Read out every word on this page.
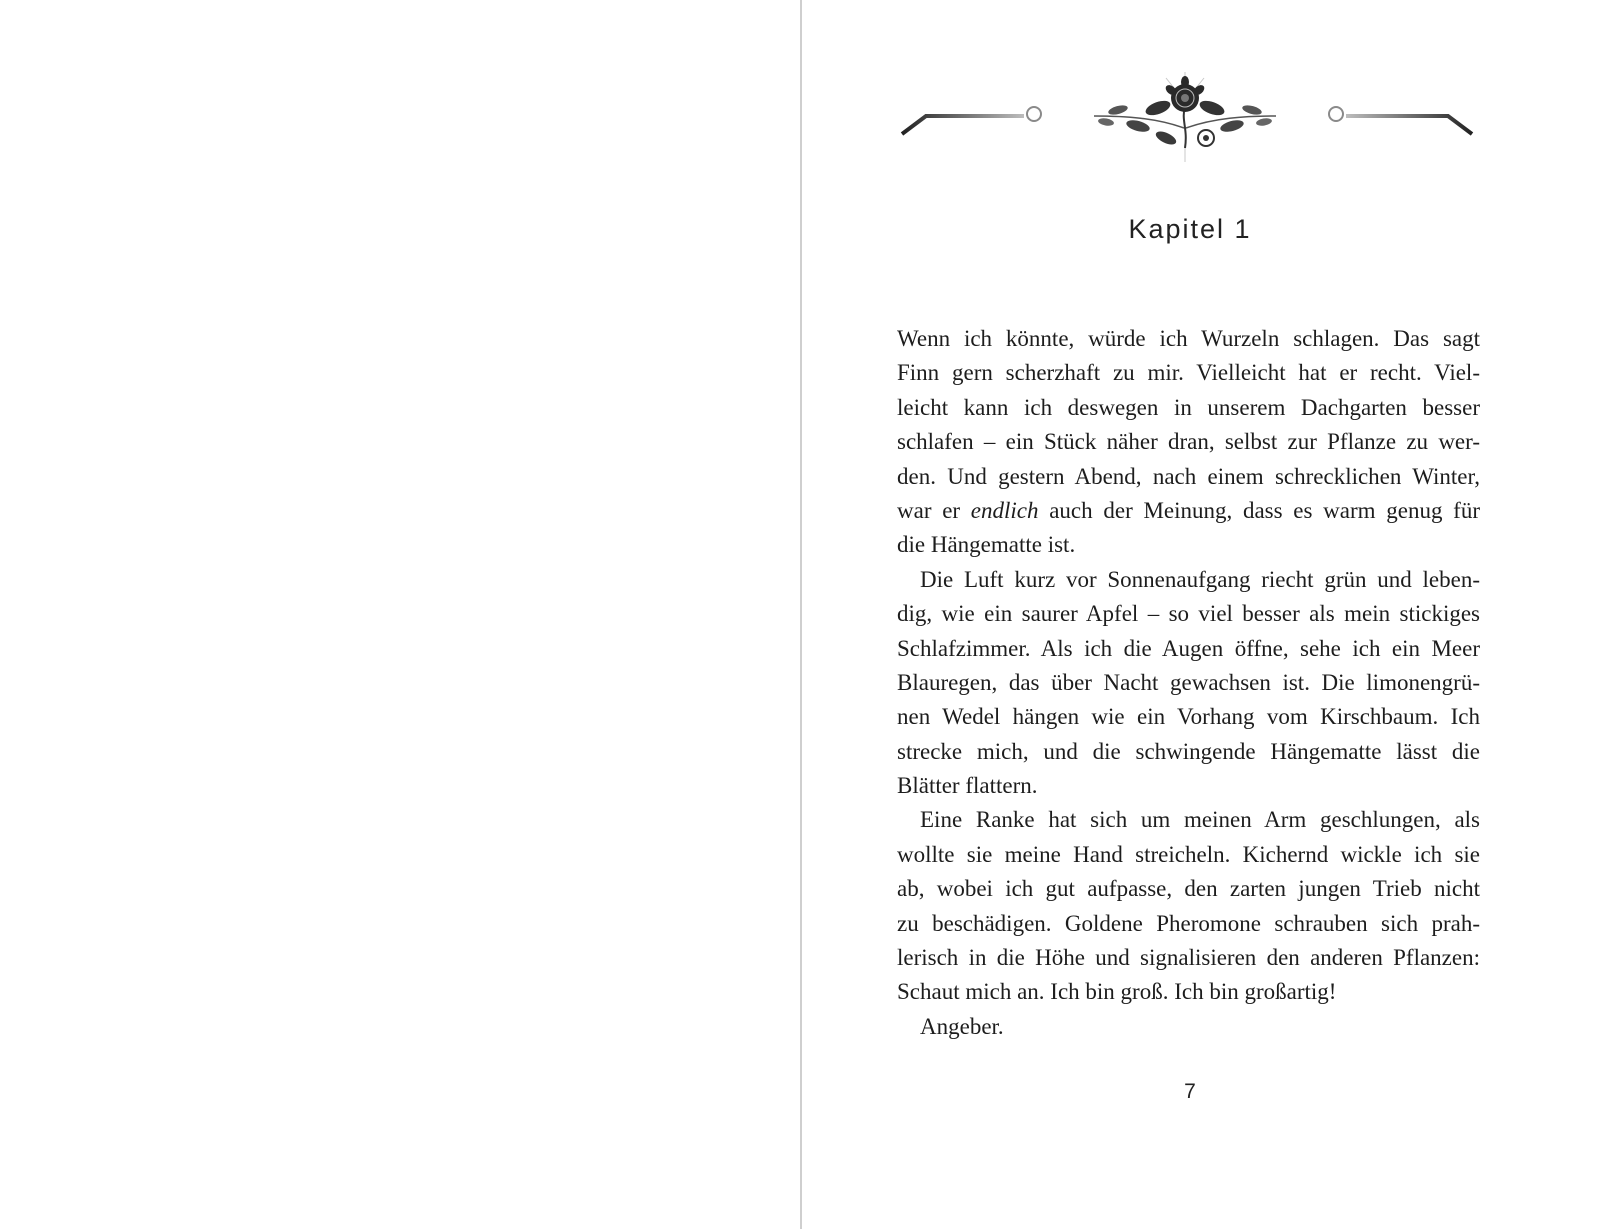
Kapitel 1
Wenn ich könnte, würde ich Wurzeln schlagen. Das sagt
Finn gern scherzhaft zu mir. Vielleicht hat er recht. Viel-
leicht kann ich deswegen in unserem Dachgarten besser
schlafen – ein Stück näher dran, selbst zur Pflanze zu wer-
den. Und gestern Abend, nach einem schrecklichen Winter,
war er endlich auch der Meinung, dass es warm genug für
die Hängematte ist.
Die Luft kurz vor Sonnenaufgang riecht grün und leben-
dig, wie ein saurer Apfel – so viel besser als mein stickiges
Schlafzimmer. Als ich die Augen öffne, sehe ich ein Meer
Blauregen, das über Nacht gewachsen ist. Die limonengrü-
nen Wedel hängen wie ein Vorhang vom Kirschbaum. Ich
strecke mich, und die schwingende Hängematte lässt die
Blätter flattern.
Eine Ranke hat sich um meinen Arm geschlungen, als
wollte sie meine Hand streicheln. Kichernd wickle ich sie
ab, wobei ich gut aufpasse, den zarten jungen Trieb nicht
zu beschädigen. Goldene Pheromone schrauben sich prah-
lerisch in die Höhe und signalisieren den anderen Pflanzen:
Schaut mich an. Ich bin groß. Ich bin großartig!
Angeber.
7
